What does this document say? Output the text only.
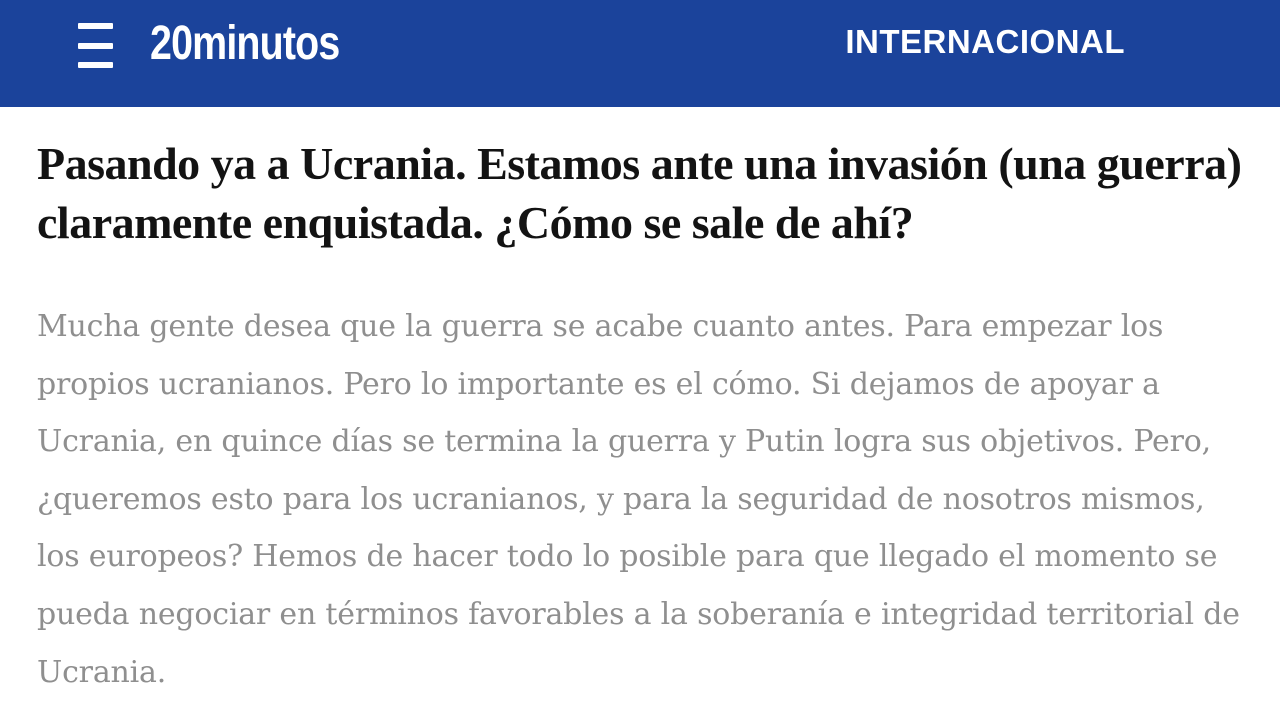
20minutos	INTERNACIONAL
Pasando ya a Ucrania. Estamos ante una invasión (una guerra) claramente enquistada. ¿Cómo se sale de ahí?

Mucha gente desea que la guerra se acabe cuanto antes. Para empezar los propios ucranianos. Pero lo importante es el cómo. Si dejamos de apoyar a Ucrania, en quince días se termina la guerra y Putin logra sus objetivos. Pero, ¿queremos esto para los ucranianos, y para la seguridad de nosotros mismos, los europeos? Hemos de hacer todo lo posible para que llegado el momento se pueda negociar en términos favorables a la soberanía e integridad territorial de Ucrania.
